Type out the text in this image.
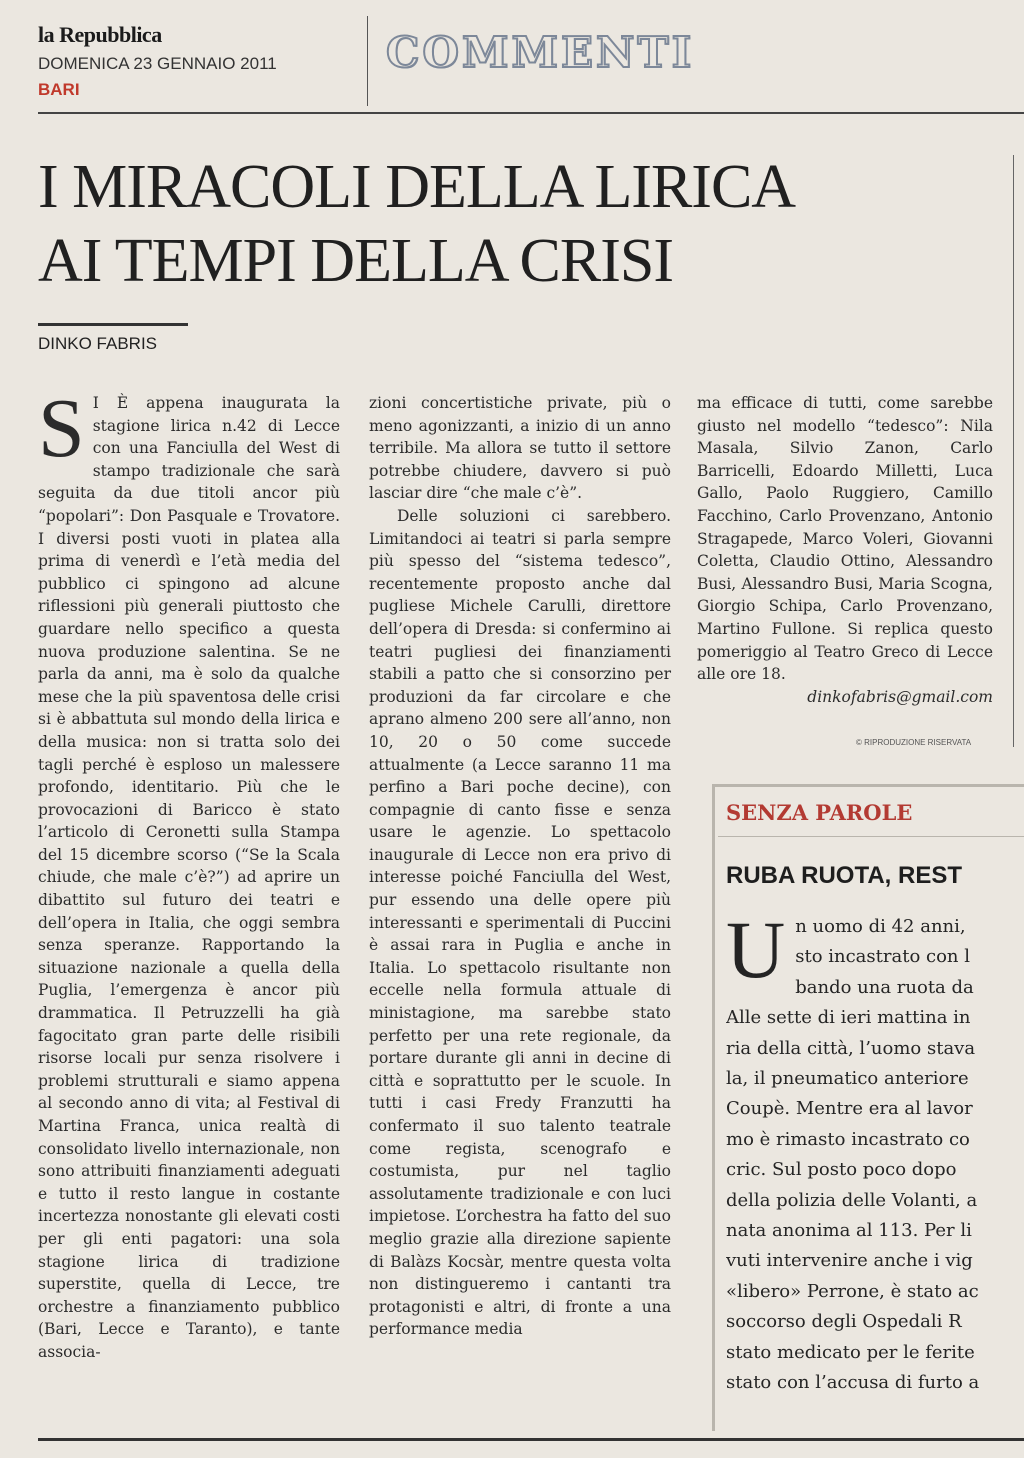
la Repubblica
DOMENICA 23 GENNAIO 2011
BARI
COMMENTI
I MIRACOLI DELLA LIRICA
AI TEMPI DELLA CRISI
DINKO FABRIS
S I È appena inaugurata la stagione lirica n.42 di Lecce con una Fanciulla del West di stampo tradizionale che sarà seguita da due titoli ancor più “popolari”: Don Pasquale e Trovatore. I diversi posti vuoti in platea alla prima di venerdì e l’età media del pubblico ci spingono ad alcune riflessioni più generali piuttosto che guardare nello specifico a questa nuova produzione salentina. Se ne parla da anni, ma è solo da qualche mese che la più spaventosa delle crisi si è abbattuta sul mondo della lirica e della musica: non si tratta solo dei tagli perché è esploso un malessere profondo, identitario. Più che le provocazioni di Baricco è stato l’articolo di Ceronetti sulla Stampa del 15 dicembre scorso (“Se la Scala chiude, che male c’è?”) ad aprire un dibattito sul futuro dei teatri e dell’opera in Italia, che oggi sembra senza speranze. Rapportando la situazione nazionale a quella della Puglia, l’emergenza è ancor più drammatica. Il Petruzzelli ha già fagocitato gran parte delle risibili risorse locali pur senza risolvere i problemi strutturali e siamo appena al secondo anno di vita; al Festival di Martina Franca, unica realtà di consolidato livello internazionale, non sono attribuiti finanziamenti adeguati e tutto il resto langue in costante incertezza nonostante gli elevati costi per gli enti pagatori: una sola stagione lirica di tradizione superstite, quella di Lecce, tre orchestre a finanziamento pubblico (Bari, Lecce e Taranto), e tante associa-

zioni concertistiche private, più o meno agonizzanti, a inizio di un anno terribile. Ma allora se tutto il settore potrebbe chiudere, davvero si può lasciar dire “che male c’è”.

Delle soluzioni ci sarebbero. Limitandoci ai teatri si parla sempre più spesso del “sistema tedesco”, recentemente proposto anche dal pugliese Michele Carulli, direttore dell’opera di Dresda: si confermino ai teatri pugliesi dei finanziamenti stabili a patto che si consorzino per produzioni da far circolare e che aprano almeno 200 sere all’anno, non 10, 20 o 50 come succede attualmente (a Lecce saranno 11 ma perfino a Bari poche decine), con compagnie di canto fisse e senza usare le agenzie. Lo spettacolo inaugurale di Lecce non era privo di interesse poiché Fanciulla del West, pur essendo una delle opere più interessanti e sperimentali di Puccini è assai rara in Puglia e anche in Italia. Lo spettacolo risultante non eccelle nella formula attuale di ministagione, ma sarebbe stato perfetto per una rete regionale, da portare durante gli anni in decine di città e soprattutto per le scuole. In tutti i casi Fredy Franzutti ha confermato il suo talento teatrale come regista, scenografo e costumista, pur nel taglio assolutamente tradizionale e con luci impietose. L’orchestra ha fatto del suo meglio grazie alla direzione sapiente di Balàzs Kocsàr, mentre questa volta non distingueremo i cantanti tra protagonisti e altri, di fronte a una performance media

ma efficace di tutti, come sarebbe giusto nel modello “tedesco”: Nila Masala, Silvio Zanon, Carlo Barricelli, Edoardo Milletti, Luca Gallo, Paolo Ruggiero, Camillo Facchino, Carlo Provenzano, Antonio Stragapede, Marco Voleri, Giovanni Coletta, Claudio Ottino, Alessandro Busi, Alessandro Busi, Maria Scogna, Giorgio Schipa, Carlo Provenzano, Martino Fullone. Si replica questo pomeriggio al Teatro Greco di Lecce alle ore 18.

dinkofabris@gmail.com

© RIPRODUZIONE RISERVATA
SENZA PAROLE
RUBA RUOTA, REST
U n uomo di 42 anni,
sto incastrato con l
bando una ruota da
Alle sette di ieri mattina in
ria della città, l’uomo stava
la, il pneumatico anteriore
Coupè. Mentre era al lavor
mo è rimasto incastrato co
cric. Sul posto poco dopo
della polizia delle Volanti, a
nata anonima al 113. Per li
vuti intervenire anche i vig
«libero» Perrone, è stato ac
soccorso degli Ospedali R
stato medicato per le ferite
stato con l’accusa di furto a
